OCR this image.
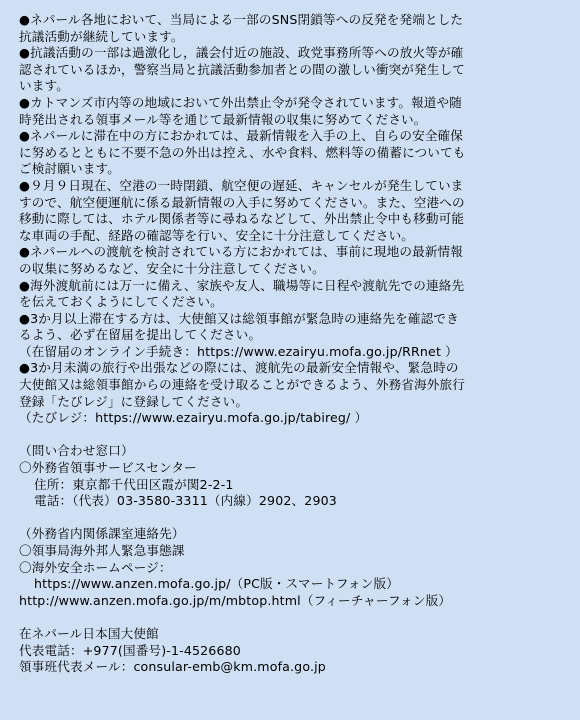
●ネパール各地において、当局による一部のSNS閉鎖等への反発を発端とした
抗議活動が継続しています。
●抗議活動の一部は過激化し，議会付近の施設、政党事務所等への放火等が確
認されているほか，警察当局と抗議活動参加者との間の激しい衝突が発生して
います。
●カトマンズ市内等の地域において外出禁止令が発令されています。報道や随
時発出される領事メール等を通じて最新情報の収集に努めてください。
●ネパールに滞在中の方におかれては、最新情報を入手の上、自らの安全確保
に努めるとともに不要不急の外出は控え、水や食料、燃料等の備蓄についても
ご検討願います。
●９月９日現在、空港の一時閉鎖、航空便の遅延、キャンセルが発生していま
すので、航空便運航に係る最新情報の入手に努めてください。また、空港への
移動に際しては、ホテル関係者等に尋ねるなどして、外出禁止令中も移動可能
な車両の手配、経路の確認等を行い、安全に十分注意してください。
●ネパールへの渡航を検討されている方におかれては、事前に現地の最新情報
の収集に努めるなど、安全に十分注意してください。
●海外渡航前には万一に備え、家族や友人、職場等に日程や渡航先での連絡先
を伝えておくようにしてください。
●3か月以上滞在する方は、大使館又は総領事館が緊急時の連絡先を確認でき
るよう、必ず在留届を提出してください。
（在留届のオンライン手続き：https://www.ezairyu.mofa.go.jp/RRnet ）
●3か月未満の旅行や出張などの際には、渡航先の最新安全情報や、緊急時の
大使館又は総領事館からの連絡を受け取ることができるよう、外務省海外旅行
登録「たびレジ」に登録してください。
（たびレジ：https://www.ezairyu.mofa.go.jp/tabireg/ ）
（問い合わせ窓口）
〇外務省領事サービスセンター
住所：東京都千代田区霞が関2-2-1
電話：（代表）03-3580-3311（内線）2902、2903
（外務省内関係課室連絡先）
〇領事局海外邦人緊急事態課
〇海外安全ホームページ：
https://www.anzen.mofa.go.jp/（PC版・スマートフォン版）
http://www.anzen.mofa.go.jp/m/mbtop.html（フィーチャーフォン版）
在ネパール日本国大使館
代表電話：+977(国番号)-1-4526680
領事班代表メール：consular-emb@km.mofa.go.jp
